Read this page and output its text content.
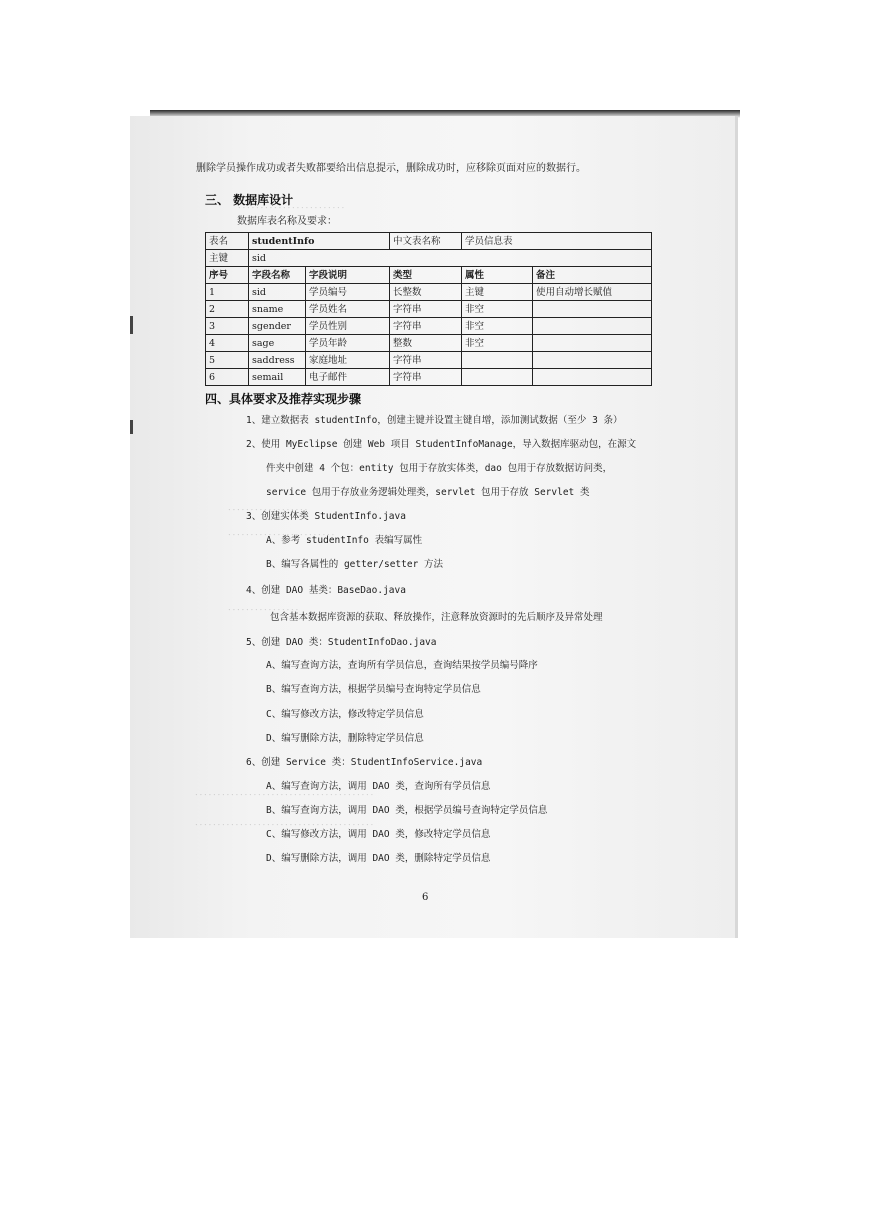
．．．．．．．．．．．．．．．．．．．．．．．．
．．．．．．．．．．．．．．．．．．
．．．．．．．．．．．．．．．．．．．．．．．．
．．．．．．．．．．．．．．．．
．．．．．．．．．．．．．．．．．．．．．．．．．．．．．．．．．．．．．．．．
．．．．．．．．．．．．．．．．．．．．．．．．．．．．．．．．．．．．．．．．
删除学员操作成功或者失败都要给出信息提示，删除成功时，应移除页面对应的数据行。
三、 数据库设计
数据库表名称及要求：
表名	studentInfo		中文表名称	学员信息表	
主键	sid				
序号	字段名称	字段说明	类型	属性	备注
1	sid	学员编号	长整数	主键	使用自动增长赋值
2	sname	学员姓名	字符串	非空	
3	sgender	学员性别	字符串	非空	
4	sage	学员年龄	整数	非空	
5	saddress	家庭地址	字符串		
6	semail	电子邮件	字符串		
四、具体要求及推荐实现步骤
1、建立数据表 studentInfo，创建主键并设置主键自增，添加测试数据（至少 3 条）
2、使用 MyEclipse 创建 Web 项目 StudentInfoManage，导入数据库驱动包，在源文
件夹中创建 4 个包：entity 包用于存放实体类，dao 包用于存放数据访问类，
service 包用于存放业务逻辑处理类，servlet 包用于存放 Servlet 类
3、创建实体类 StudentInfo.java
A、参考 studentInfo 表编写属性
B、编写各属性的 getter/setter 方法
4、创建 DAO 基类：BaseDao.java
包含基本数据库资源的获取、释放操作，注意释放资源时的先后顺序及异常处理
5、创建 DAO 类：StudentInfoDao.java
A、编写查询方法，查询所有学员信息，查询结果按学员编号降序
B、编写查询方法，根据学员编号查询特定学员信息
C、编写修改方法，修改特定学员信息
D、编写删除方法，删除特定学员信息
6、创建 Service 类：StudentInfoService.java
A、编写查询方法，调用 DAO 类，查询所有学员信息
B、编写查询方法，调用 DAO 类，根据学员编号查询特定学员信息
C、编写修改方法，调用 DAO 类，修改特定学员信息
D、编写删除方法，调用 DAO 类，删除特定学员信息
6
